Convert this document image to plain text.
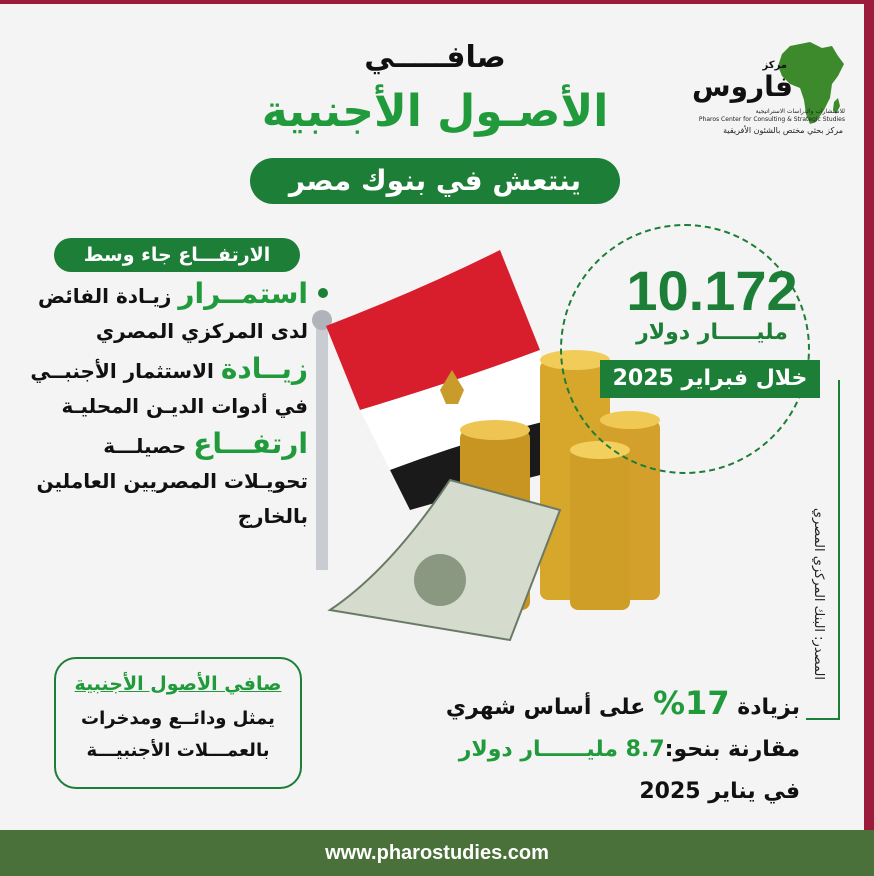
مركز
فاروس
للاستشارات والدراسات الاستراتيجية
Pharos Center for Consulting & Strategic Studies
مركز بحثي مختص بالشئون الأفريقية
صافـــــي
الأصـول الأجنبية
ينتعش في بنوك مصر
الارتفـــاع جاء وسط
استمــرار زيـادة الفائض لدى المركزي المصري
زيــادة الاستثمار الأجنبــي في أدوات الديـن المحليـة
ارتفـــاع حصيلـــة تحويـلات المصريين العاملين بالخارج
صافي الأصول الأجنبية
يمثل ودائــع ومدخرات
بالعمـــلات الأجنبيـــة
10.172
مليـــــار دولار
خلال فبراير 2025
المصدر: البنك المركزي المصري
بزيادة 17% على أساس شهري
مقارنة بنحو:8.7 مليــــــار دولار
في يناير 2025
www.pharostudies.com
